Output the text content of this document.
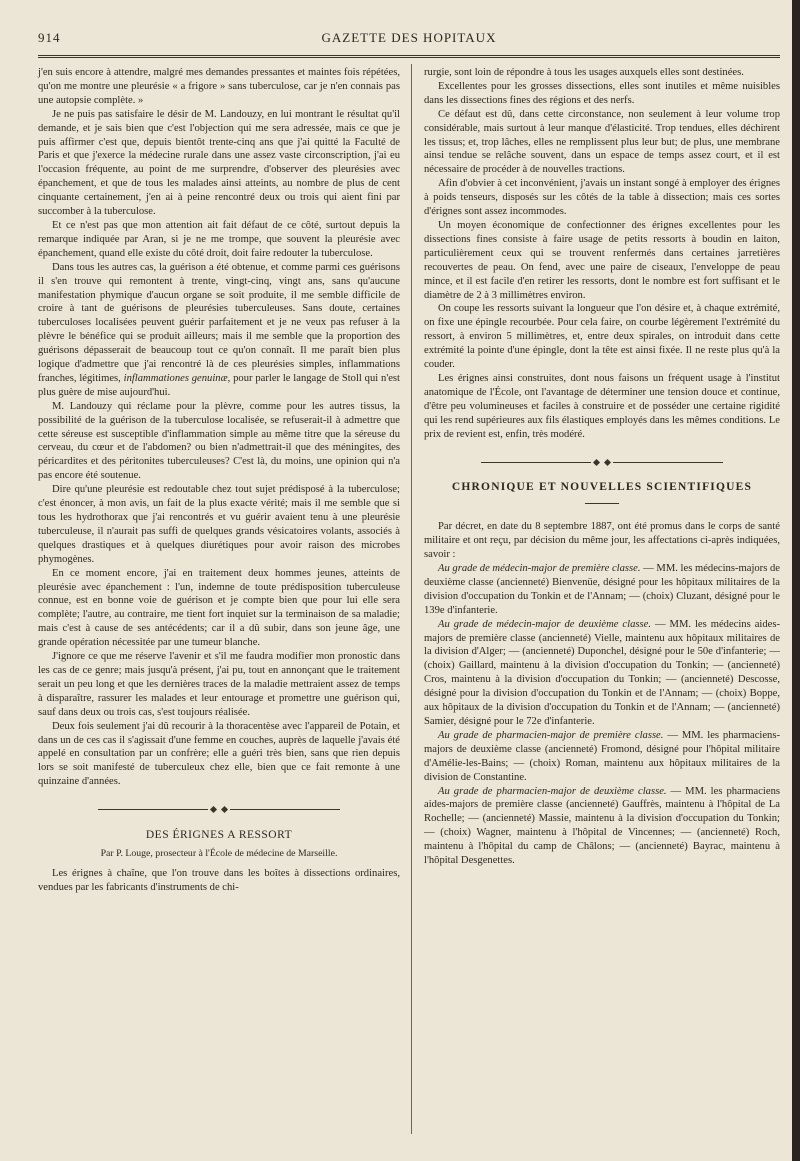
914	GAZETTE DES HOPITAUX

j'en suis encore à attendre, malgré mes demandes pressantes et maintes fois répétées, qu'on me montre une pleurésie « a frigore » sans tuberculose, car je n'en connais pas une autopsie complète. »

Je ne puis pas satisfaire le désir de M. Landouzy, en lui montrant le résultat qu'il demande, et je sais bien que c'est l'objection qui me sera adressée, mais ce que je puis affirmer c'est que, depuis bientôt trente-cinq ans que j'ai quitté la Faculté de Paris et que j'exerce la médecine rurale dans une assez vaste circonscription, j'ai eu l'occasion fréquente, au point de me surprendre, d'observer des pleurésies avec épanchement, et que de tous les malades ainsi atteints, au nombre de plus de cent cinquante certainement, j'en ai à peine rencontré deux ou trois qui aient fini par succomber à la tuberculose.

Et ce n'est pas que mon attention ait fait défaut de ce côté, surtout depuis la remarque indiquée par Aran, si je ne me trompe, que souvent la pleurésie avec épanchement, quand elle existe du côté droit, doit faire redouter la tuberculose.

Dans tous les autres cas, la guérison a été obtenue, et comme parmi ces guérisons il s'en trouve qui remontent à trente, vingt-cinq, vingt ans, sans qu'aucune manifestation phymique d'aucun organe se soit produite, il me semble difficile de croire à tant de guérisons de pleurésies tuberculeuses. Sans doute, certaines tuberculoses localisées peuvent guérir parfaitement et je ne veux pas refuser à la plèvre le bénéfice qui se produit ailleurs; mais il me semble que la proportion des guérisons dépasserait de beaucoup tout ce qu'on connaît. Il me paraît bien plus logique d'admettre que j'ai rencontré là de ces pleurésies simples, inflammations franches, légitimes, inflammationes genuinæ, pour parler le langage de Stoll qui n'est plus guère de mise aujourd'hui.

M. Landouzy qui réclame pour la plèvre, comme pour les autres tissus, la possibilité de la guérison de la tuberculose localisée, se refuserait-il à admettre que cette séreuse est susceptible d'inflammation simple au même titre que la séreuse du cerveau, du cœur et de l'abdomen? ou bien n'admettrait-il que des méningites, des péricardites et des péritonites tuberculeuses? C'est là, du moins, une opinion qui n'a pas encore été soutenue.

Dire qu'une pleurésie est redoutable chez tout sujet prédisposé à la tuberculose; c'est énoncer, à mon avis, un fait de la plus exacte vérité; mais il me semble que si tous les hydrothorax que j'ai rencontrés et vu guérir avaient tenu à une pleurésie tuberculeuse, il n'aurait pas suffi de quelques grands vésicatoires volants, associés à quelques drastiques et à quelques diurétiques pour avoir raison des microbes phymogènes.

En ce moment encore, j'ai en traitement deux hommes jeunes, atteints de pleurésie avec épanchement : l'un, indemne de toute prédisposition tuberculeuse connue, est en bonne voie de guérison et je compte bien que pour lui elle sera complète; l'autre, au contraire, me tient fort inquiet sur la terminaison de sa maladie; mais c'est à cause de ses antécédents; car il a dû subir, dans son jeune âge, une grande opération nécessitée par une tumeur blanche.

J'ignore ce que me réserve l'avenir et s'il me faudra modifier mon pronostic dans les cas de ce genre; mais jusqu'à présent, j'ai pu, tout en annonçant que le traitement serait un peu long et que les dernières traces de la maladie mettraient assez de temps à disparaître, rassurer les malades et leur entourage et promettre une guérison qui, sauf dans deux ou trois cas, s'est toujours réalisée.

Deux fois seulement j'ai dû recourir à la thoracentèse avec l'appareil de Potain, et dans un de ces cas il s'agissait d'une femme en couches, auprès de laquelle j'avais été appelé en consultation par un confrère; elle a guéri très bien, sans que rien depuis lors se soit manifesté de tuberculeux chez elle, bien que ce fait remonte à une quinzaine d'années.

DES ÉRIGNES A RESSORT
Par P. Louge, prosecteur à l'École de médecine de Marseille.

Les érignes à chaîne, que l'on trouve dans les boîtes à dissections ordinaires, vendues par les fabricants d'instruments de chi-

rurgie, sont loin de répondre à tous les usages auxquels elles sont destinées.

Excellentes pour les grosses dissections, elles sont inutiles et même nuisibles dans les dissections fines des régions et des nerfs.

Ce défaut est dû, dans cette circonstance, non seulement à leur volume trop considérable, mais surtout à leur manque d'élasticité. Trop tendues, elles déchirent les tissus; et, trop lâches, elles ne remplissent plus leur but; de plus, une membrane ainsi tendue se relâche souvent, dans un espace de temps assez court, et il est nécessaire de procéder à de nouvelles tractions.

Afin d'obvier à cet inconvénient, j'avais un instant songé à employer des érignes à poids tenseurs, disposés sur les côtés de la table à dissection; mais ces sortes d'érignes sont assez incommodes.

Un moyen économique de confectionner des érignes excellentes pour les dissections fines consiste à faire usage de petits ressorts à boudin en laiton, particulièrement ceux qui se trouvent renfermés dans certaines jarretières recouvertes de peau. On fend, avec une paire de ciseaux, l'enveloppe de peau mince, et il est facile d'en retirer les ressorts, dont le nombre est fort suffisant et le diamètre de 2 à 3 millimètres environ.

On coupe les ressorts suivant la longueur que l'on désire et, à chaque extrémité, on fixe une épingle recourbée. Pour cela faire, on courbe légèrement l'extrémité du ressort, à environ 5 millimètres, et, entre deux spirales, on introduit dans cette extrémité la pointe d'une épingle, dont la tête est ainsi fixée. Il ne reste plus qu'à la couder.

Les érignes ainsi construites, dont nous faisons un fréquent usage à l'institut anatomique de l'École, ont l'avantage de déterminer une tension douce et continue, d'être peu volumineuses et faciles à construire et de posséder une certaine rigidité qui les rend supérieures aux fils élastiques employés dans les mêmes conditions. Le prix de revient est, enfin, très modéré.

CHRONIQUE ET NOUVELLES SCIENTIFIQUES

Par décret, en date du 8 septembre 1887, ont été promus dans le corps de santé militaire et ont reçu, par décision du même jour, les affectations ci-après indiquées, savoir :

Au grade de médecin-major de première classe. — MM. les médecins-majors de deuxième classe (ancienneté) Bienvenüe, désigné pour les hôpitaux militaires de la division d'occupation du Tonkin et de l'Annam; — (choix) Cluzant, désigné pour le 139e d'infanterie.

Au grade de médecin-major de deuxième classe. — MM. les médecins aides-majors de première classe (ancienneté) Vielle, maintenu aux hôpitaux militaires de la division d'Alger; — (ancienneté) Duponchel, désigné pour le 50e d'infanterie; — (choix) Gaillard, maintenu à la division d'occupation du Tonkin; — (ancienneté) Cros, maintenu à la division d'occupation du Tonkin; — (ancienneté) Descosse, désigné pour la division d'occupation du Tonkin et de l'Annam; — (choix) Boppe, aux hôpitaux de la division d'occupation du Tonkin et de l'Annam; — (ancienneté) Samier, désigné pour le 72e d'infanterie.

Au grade de pharmacien-major de première classe. — MM. les pharmaciens-majors de deuxième classe (ancienneté) Fromond, désigné pour l'hôpital militaire d'Amélie-les-Bains; — (choix) Roman, maintenu aux hôpitaux militaires de la division de Constantine.

Au grade de pharmacien-major de deuxième classe. — MM. les pharmaciens aides-majors de première classe (ancienneté) Gauffrès, maintenu à l'hôpital de La Rochelle; — (ancienneté) Massie, maintenu à la division d'occupation du Tonkin; — (choix) Wagner, maintenu à l'hôpital de Vincennes; — (ancienneté) Roch, maintenu à l'hôpital du camp de Châlons; — (ancienneté) Bayrac, maintenu à l'hôpital Desgenettes.
